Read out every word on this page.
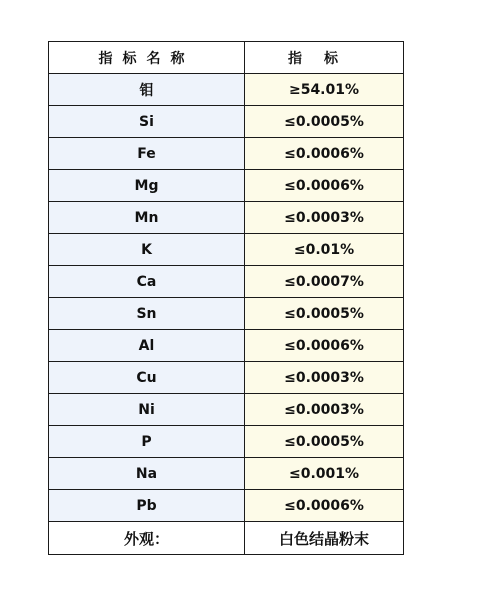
指标名称	指标
钼	≥54.01%
Si	≤0.0005%
Fe	≤0.0006%
Mg	≤0.0006%
Mn	≤0.0003%
K	≤0.01%
Ca	≤0.0007%
Sn	≤0.0005%
Al	≤0.0006%
Cu	≤0.0003%
Ni	≤0.0003%
P	≤0.0005%
Na	≤0.001%
Pb	≤0.0006%
外观：	白色结晶粉末
